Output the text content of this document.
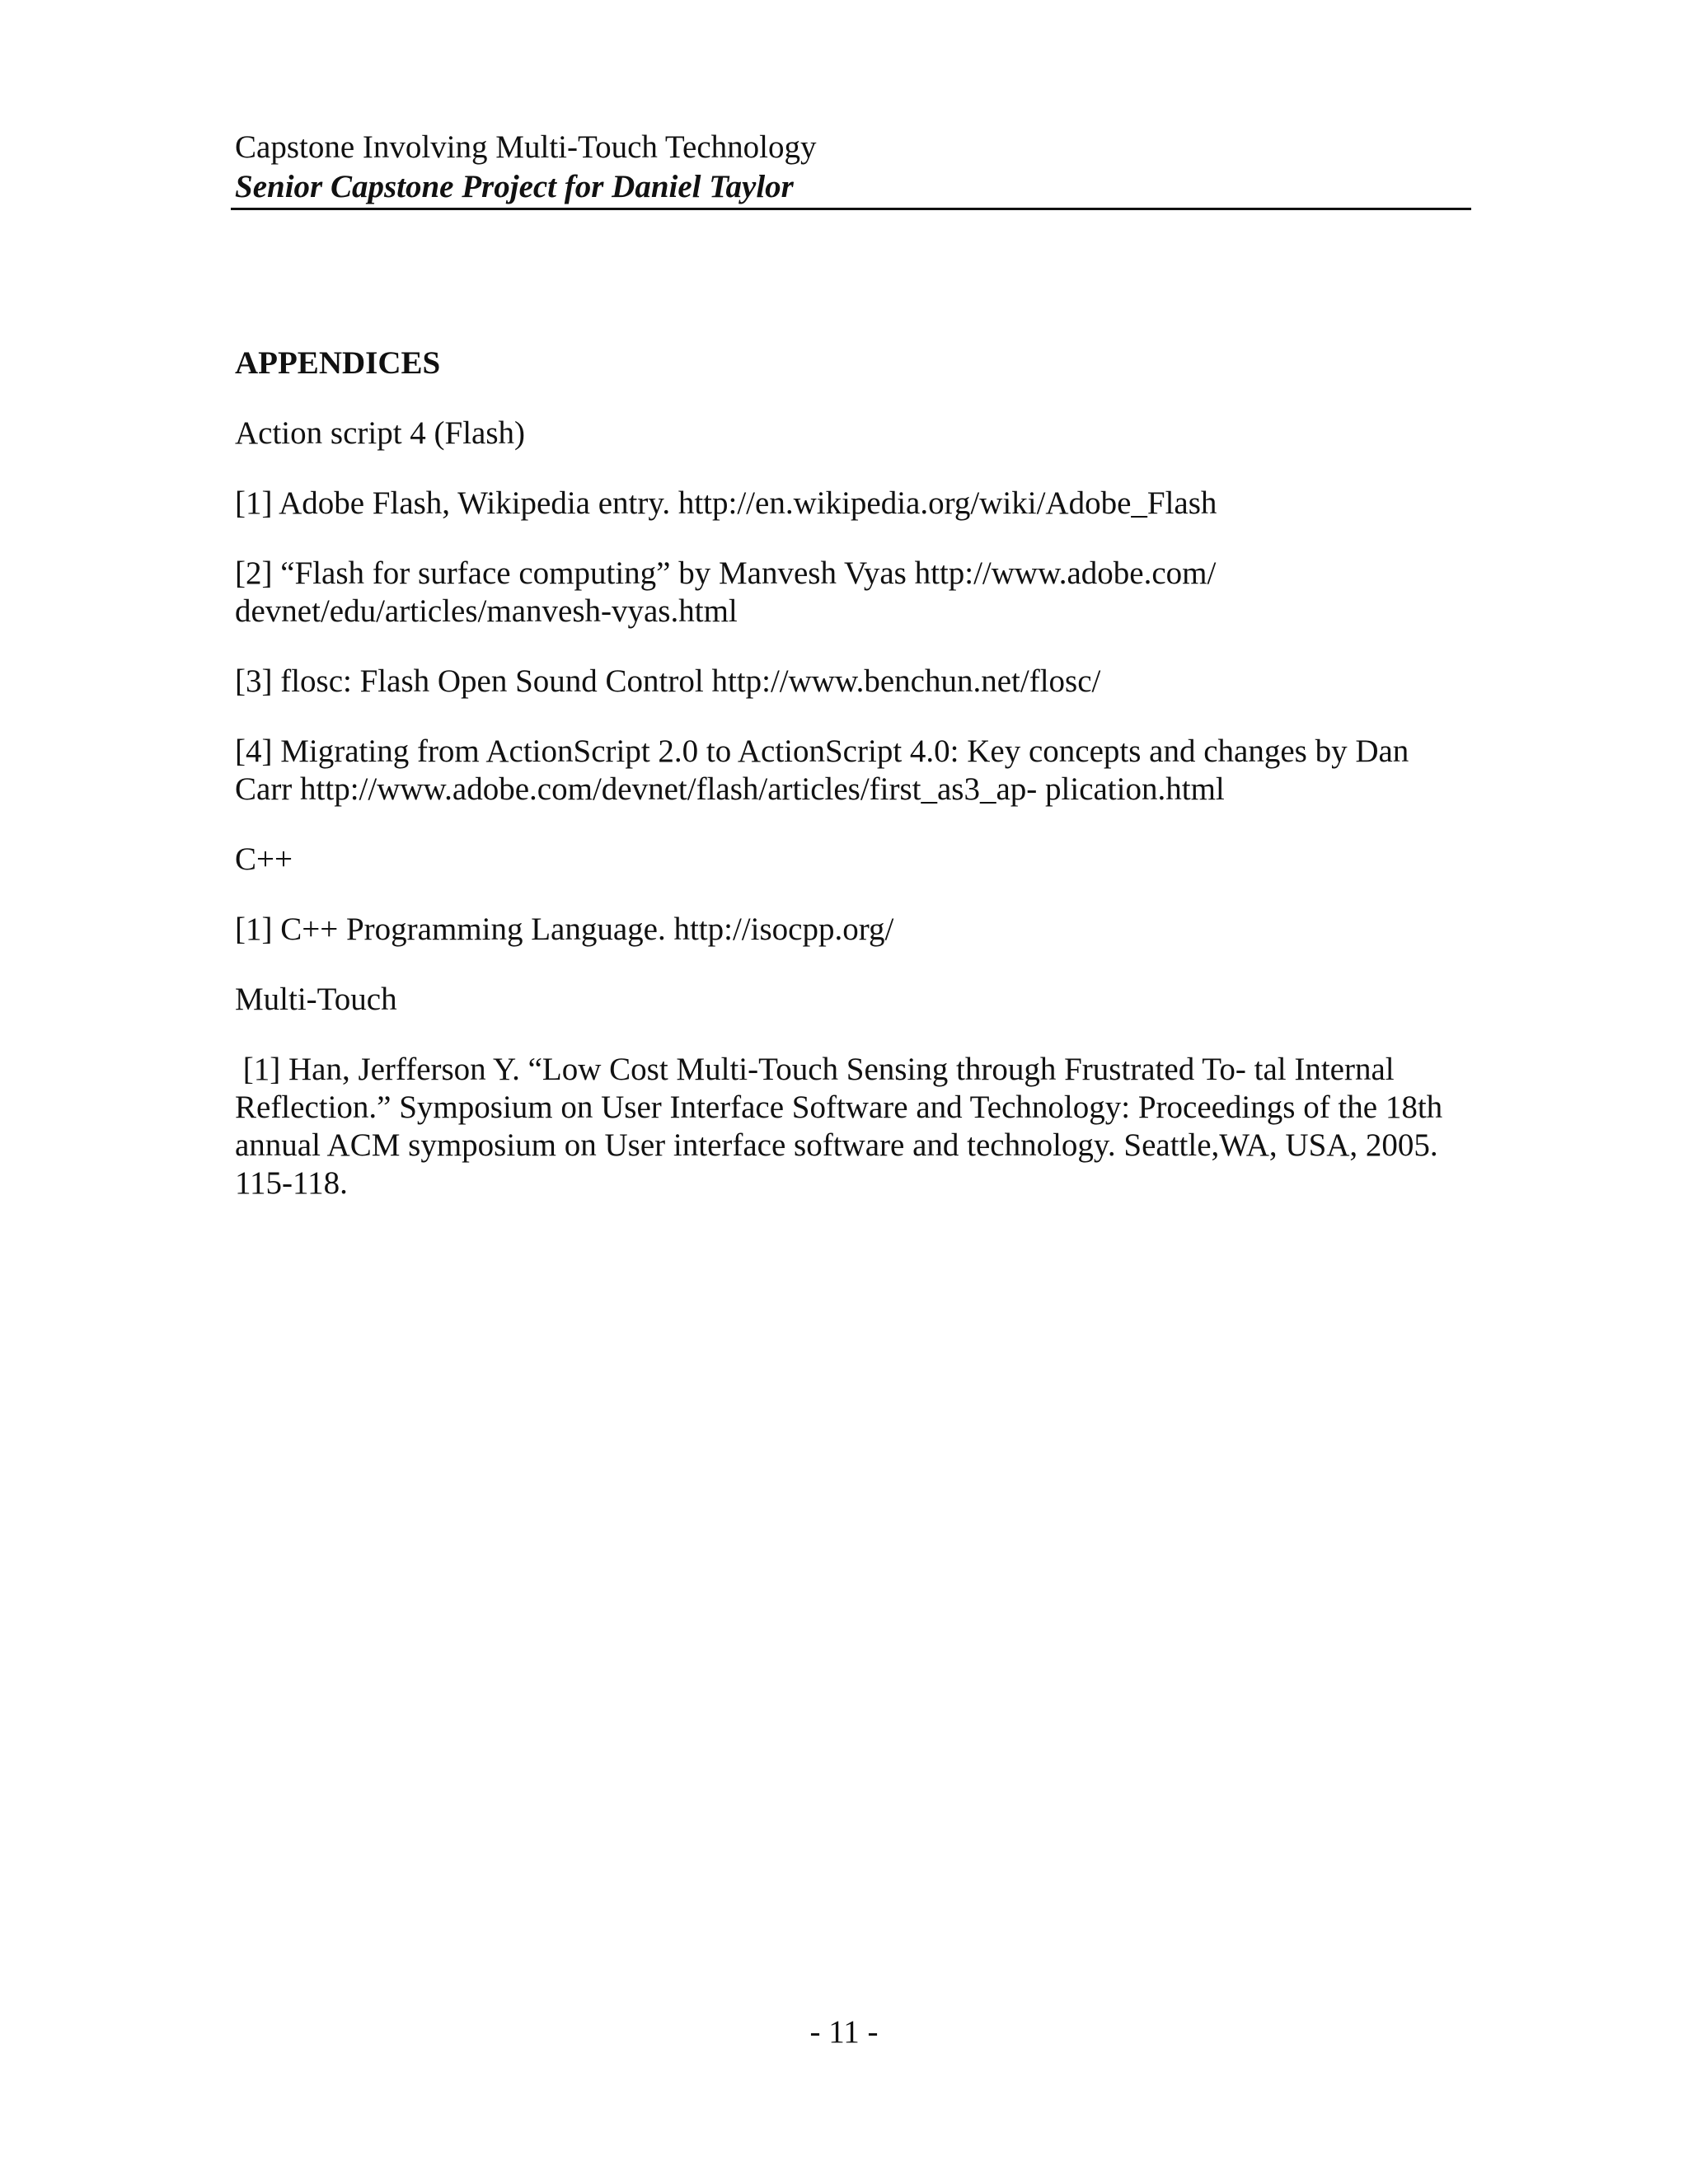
Capstone Involving Multi-Touch Technology
Senior Capstone Project for Daniel Taylor

APPENDICES

Action script 4 (Flash)

[1] Adobe Flash, Wikipedia entry. http://en.wikipedia.org/wiki/Adobe_Flash

[2] “Flash for surface computing” by Manvesh Vyas http://www.adobe.com/ devnet/edu/articles/manvesh-vyas.html

[3] flosc: Flash Open Sound Control http://www.benchun.net/flosc/

[4] Migrating from ActionScript 2.0 to ActionScript 4.0: Key concepts and changes by Dan Carr http://www.adobe.com/devnet/flash/articles/first_as3_ap- plication.html

C++

[1] C++ Programming Language. http://isocpp.org/

Multi-Touch

[1] Han, Jerfferson Y. “Low Cost Multi-Touch Sensing through Frustrated To- tal Internal Reflection.” Symposium on User Interface Software and Technology: Proceedings of the 18th annual ACM symposium on User interface software and technology. Seattle,WA, USA, 2005. 115-118.

- 11 -
